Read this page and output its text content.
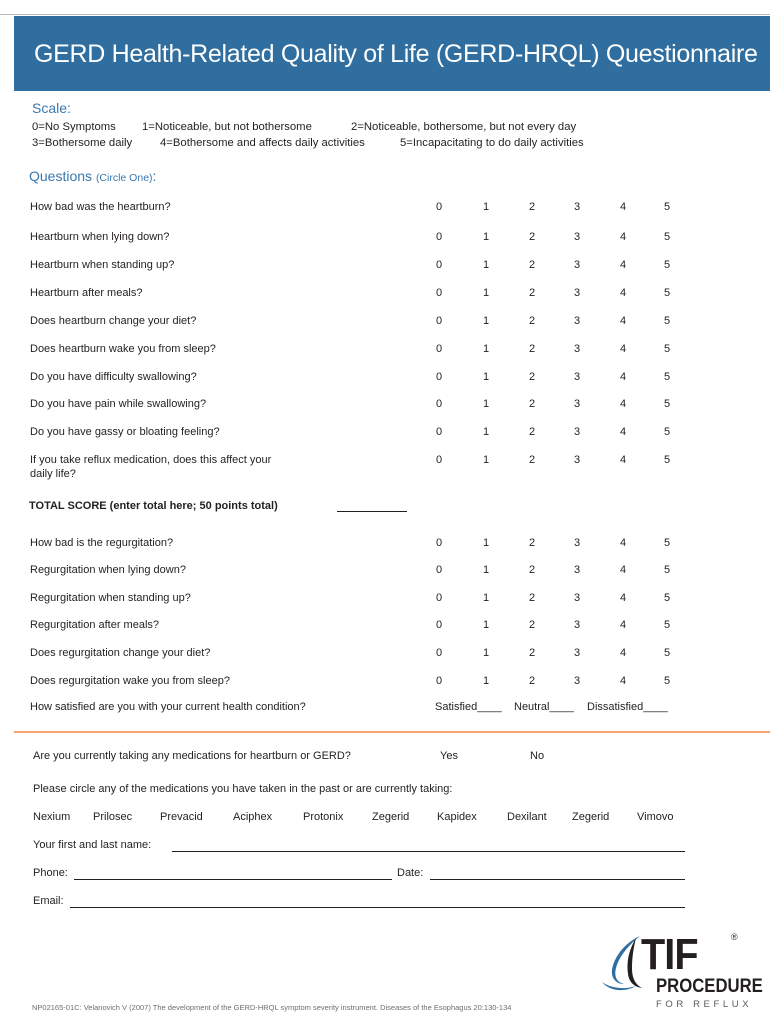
GERD Health-Related Quality of Life (GERD-HRQL) Questionnaire
Scale:
0=No Symptoms 1=Noticeable, but not bothersome	2=Noticeable, bothersome, but not every day
3=Bothersome daily 4=Bothersome and affects daily activities	5=Incapacitating to do daily activities
Questions (Circle One):
How bad was the heartburn?	0	1	2	3	4	5
Heartburn when lying down?	0	1	2	3	4	5
Heartburn when standing up?	0	1	2	3	4	5
Heartburn after meals?	0	1	2	3	4	5
Does heartburn change your diet?	0	1	2	3	4	5
Does heartburn wake you from sleep?	0	1	2	3	4	5
Do you have difficulty swallowing?	0	1	2	3	4	5
Do you have pain while swallowing?	0	1	2	3	4	5
Do you have gassy or bloating feeling?	0	1	2	3	4	5
If you take reflux medication, does this affect your daily life?
0	1	2	3	4	5
TOTAL SCORE (enter total here; 50 points total)
How bad is the regurgitation?	0	1	2	3	4	5
Regurgitation when lying down?	0	1	2	3	4	5
Regurgitation when standing up?	0	1	2	3	4	5
Regurgitation after meals?	0	1	2	3	4	5
Does regurgitation change your diet?	0	1	2	3	4	5
Does regurgitation wake you from sleep?	0	1	2	3	4	5
How satisfied are you with your current health condition?	Satisfied____ Neutral____ Dissatisfied____
Are you currently taking any medications for heartburn or GERD?	Yes	No
Please circle any of the medications you have taken in the past or are currently taking:
Nexium Prilosec	Prevacid	Aciphex	Protonix	Zegerid	Kapidex	Dexilant Zegerid	Vimovo
Your first and last name:
Phone:	Date:
Email:
TIF	®
PROCEDURE
FOR REFLUX
NP02165-01C: Velanovich V (2007) The development of the GERD-HRQL symptom severity instrument. Diseases of the Esophagus 20:130-134
